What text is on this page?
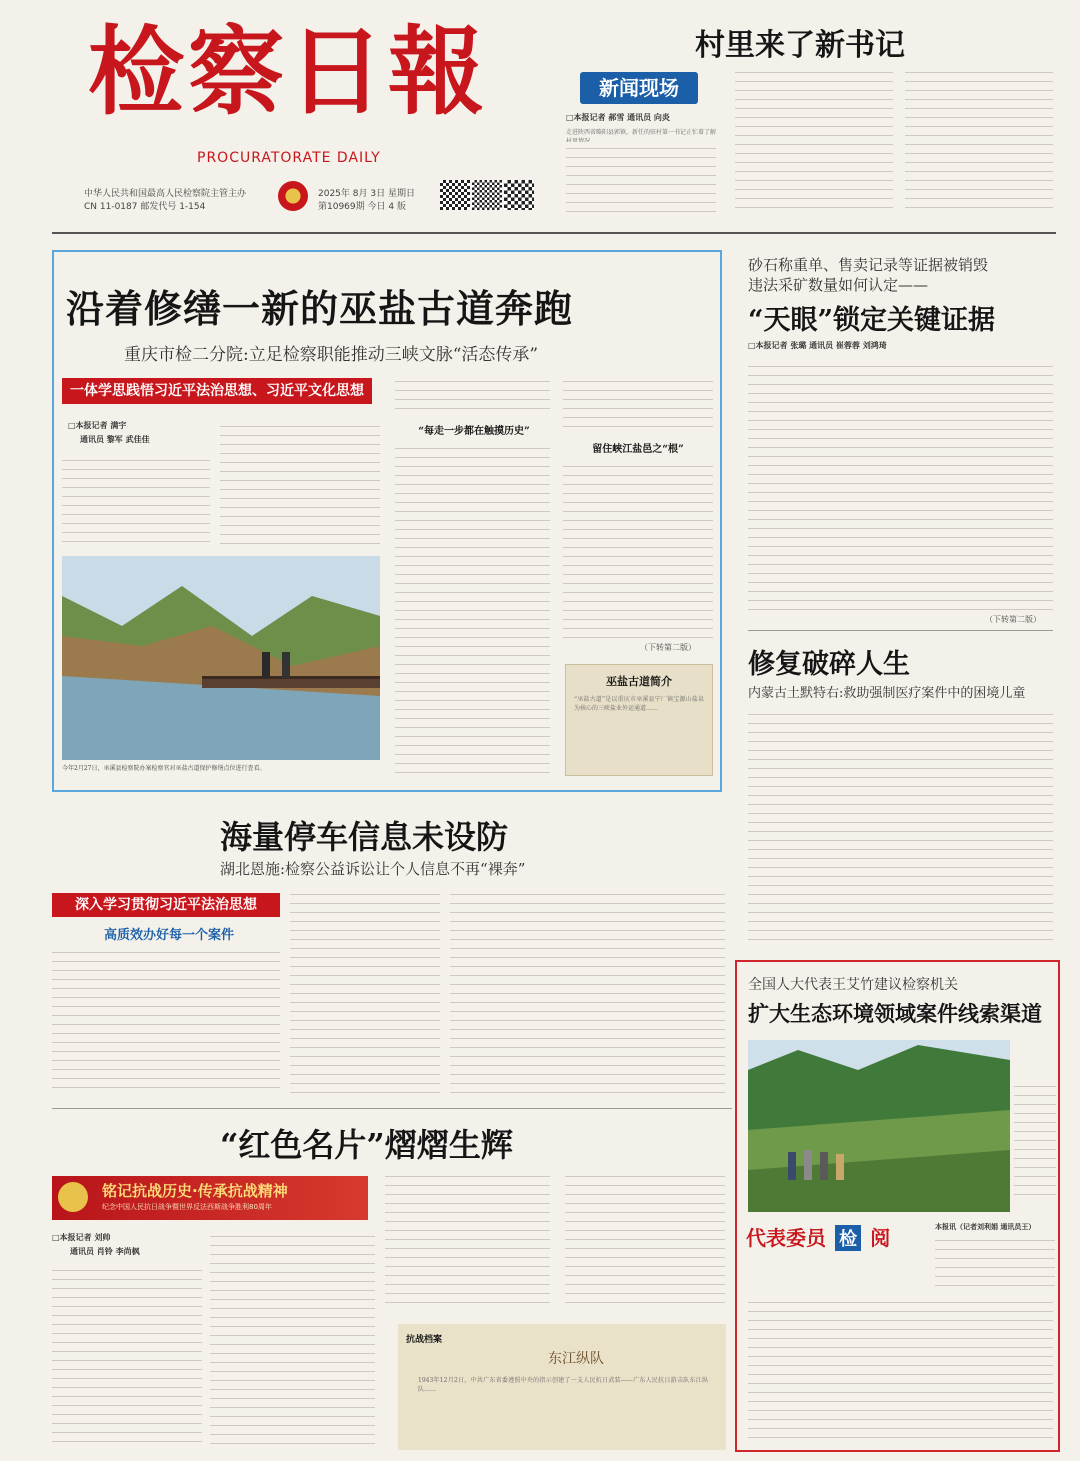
检察日報
PROCURATORATE DAILY
中华人民共和国最高人民检察院主管主办
CN 11-0187 邮发代号 1-154
2025年 8月 3日 星期日
第10969期 今日 4 版
村里来了新书记
新闻现场
□本报记者 郝雪 通讯员 向炎
走进陕西省略阳县郭镇，新任的驻村第一书记正忙着了解
沿着修缮一新的巫盐古道奔跑
重庆市检二分院:立足检察职能推动三峡文脉“活态传承”
一体学思践悟习近平法治思想、习近平文化思想
□本报记者 满宇
通讯员 黎军 武佳佳
“每走一步都在触摸历史”
留住峡江盐邑之“根”
（下转第二版）
巫盐古道简介
“巫盐古道”是以重庆市巫溪县宁厂镇宝源山盐泉为核心的三峡盐业外运通道……
今年2月27日，巫溪县检察院办案检察官对巫盐古道保护修缮点位进行查看。
砂石称重单、售卖记录等证据被销毁
违法采矿数量如何认定——
“天眼”锁定关键证据
□本报记者 张璐 通讯员 崔蓉蓉 刘鸿琦
（下转第二版）
修复破碎人生
内蒙古土默特右:救助强制医疗案件中的困境儿童
海量停车信息未设防
湖北恩施:检察公益诉讼让个人信息不再“裸奔”
深入学习贯彻习近平法治思想
高质效办好每一个案件
“红色名片”熠熠生辉
铭记抗战历史·传承抗战精神
纪念中国人民抗日战争暨世界反法西斯战争胜利80周年
□本报记者 刘帅
通讯员 肖铃 李尚枫
抗战档案
东江纵队
1943年12月2日，中共广东省委遵照中央的指示创建了一支人民抗日武装——广东人民抗日游击队东江纵队……
全国人大代表王艾竹建议检察机关
扩大生态环境领域案件线索渠道
代表委员 检 阅	本报讯（记者刘利娟 通讯员王）
